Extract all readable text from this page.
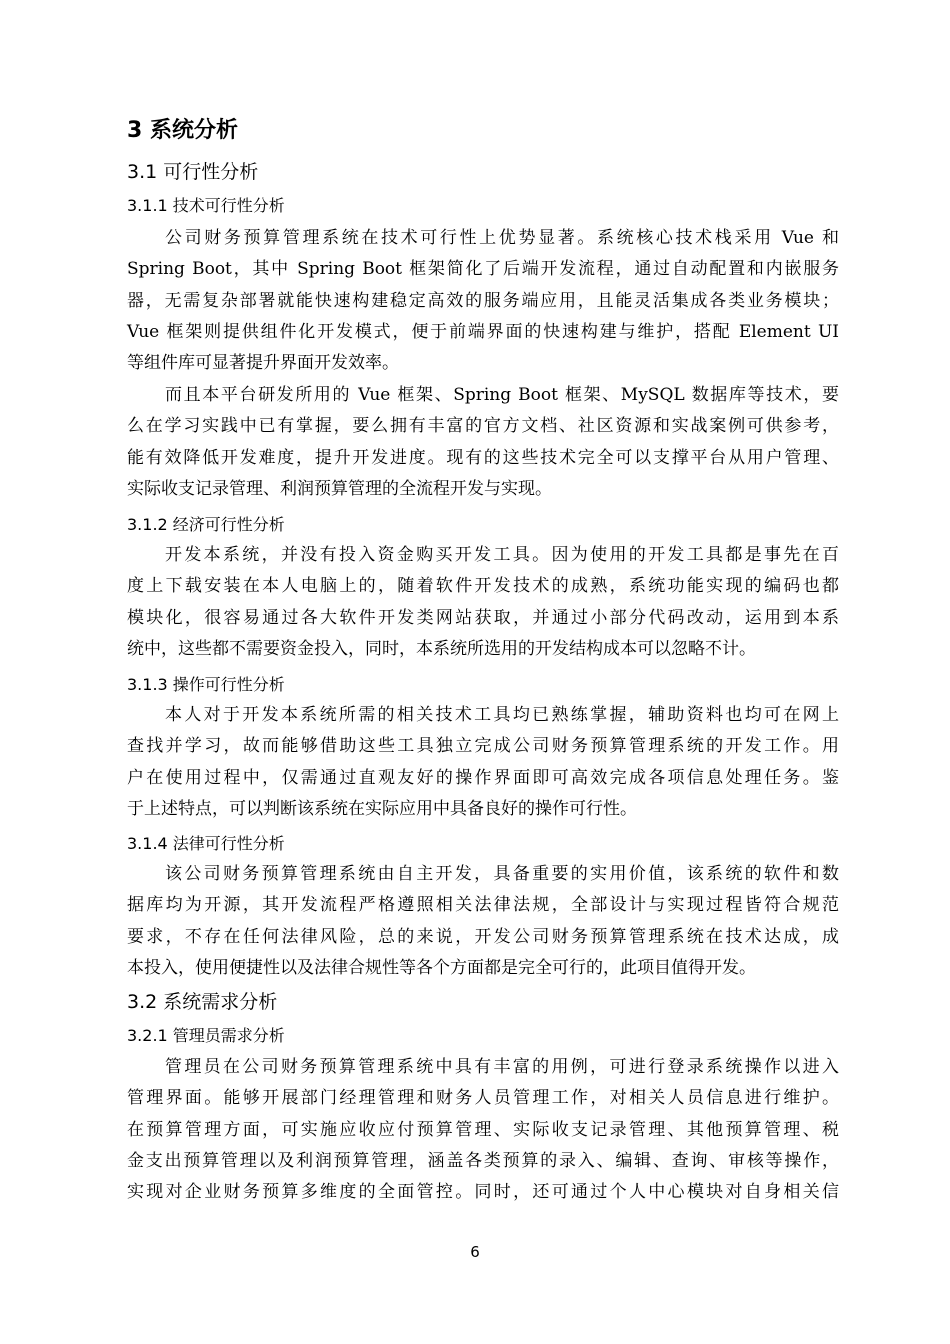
3 系统分析
3.1 可行性分析
3.1.1 技术可行性分析
公司财务预算管理系统在技术可行性上优势显著。系统核心技术栈采用 Vue 和
Spring Boot，其中 Spring Boot 框架简化了后端开发流程，通过自动配置和内嵌服务
器，无需复杂部署就能快速构建稳定高效的服务端应用，且能灵活集成各类业务模块；
Vue 框架则提供组件化开发模式，便于前端界面的快速构建与维护，搭配 Element UI
等组件库可显著提升界面开发效率。
而且本平台研发所用的 Vue 框架、Spring Boot 框架、MySQL 数据库等技术，要
么在学习实践中已有掌握，要么拥有丰富的官方文档、社区资源和实战案例可供参考，
能有效降低开发难度，提升开发进度。现有的这些技术完全可以支撑平台从用户管理、
实际收支记录管理、利润预算管理的全流程开发与实现。
3.1.2 经济可行性分析
开发本系统，并没有投入资金购买开发工具。因为使用的开发工具都是事先在百
度上下载安装在本人电脑上的，随着软件开发技术的成熟，系统功能实现的编码也都
模块化，很容易通过各大软件开发类网站获取，并通过小部分代码改动，运用到本系
统中，这些都不需要资金投入，同时，本系统所选用的开发结构成本可以忽略不计。
3.1.3 操作可行性分析
本人对于开发本系统所需的相关技术工具均已熟练掌握，辅助资料也均可在网上
查找并学习，故而能够借助这些工具独立完成公司财务预算管理系统的开发工作。用
户在使用过程中，仅需通过直观友好的操作界面即可高效完成各项信息处理任务。鉴
于上述特点，可以判断该系统在实际应用中具备良好的操作可行性。
3.1.4 法律可行性分析
该公司财务预算管理系统由自主开发，具备重要的实用价值，该系统的软件和数
据库均为开源，其开发流程严格遵照相关法律法规，全部设计与实现过程皆符合规范
要求，不存在任何法律风险，总的来说，开发公司财务预算管理系统在技术达成，成
本投入，使用便捷性以及法律合规性等各个方面都是完全可行的，此项目值得开发。
3.2 系统需求分析
3.2.1 管理员需求分析
管理员在公司财务预算管理系统中具有丰富的用例，可进行登录系统操作以进入
管理界面。能够开展部门经理管理和财务人员管理工作，对相关人员信息进行维护。
在预算管理方面，可实施应收应付预算管理、实际收支记录管理、其他预算管理、税
金支出预算管理以及利润预算管理，涵盖各类预算的录入、编辑、查询、审核等操作，
实现对企业财务预算多维度的全面管控。同时，还可通过个人中心模块对自身相关信
6
